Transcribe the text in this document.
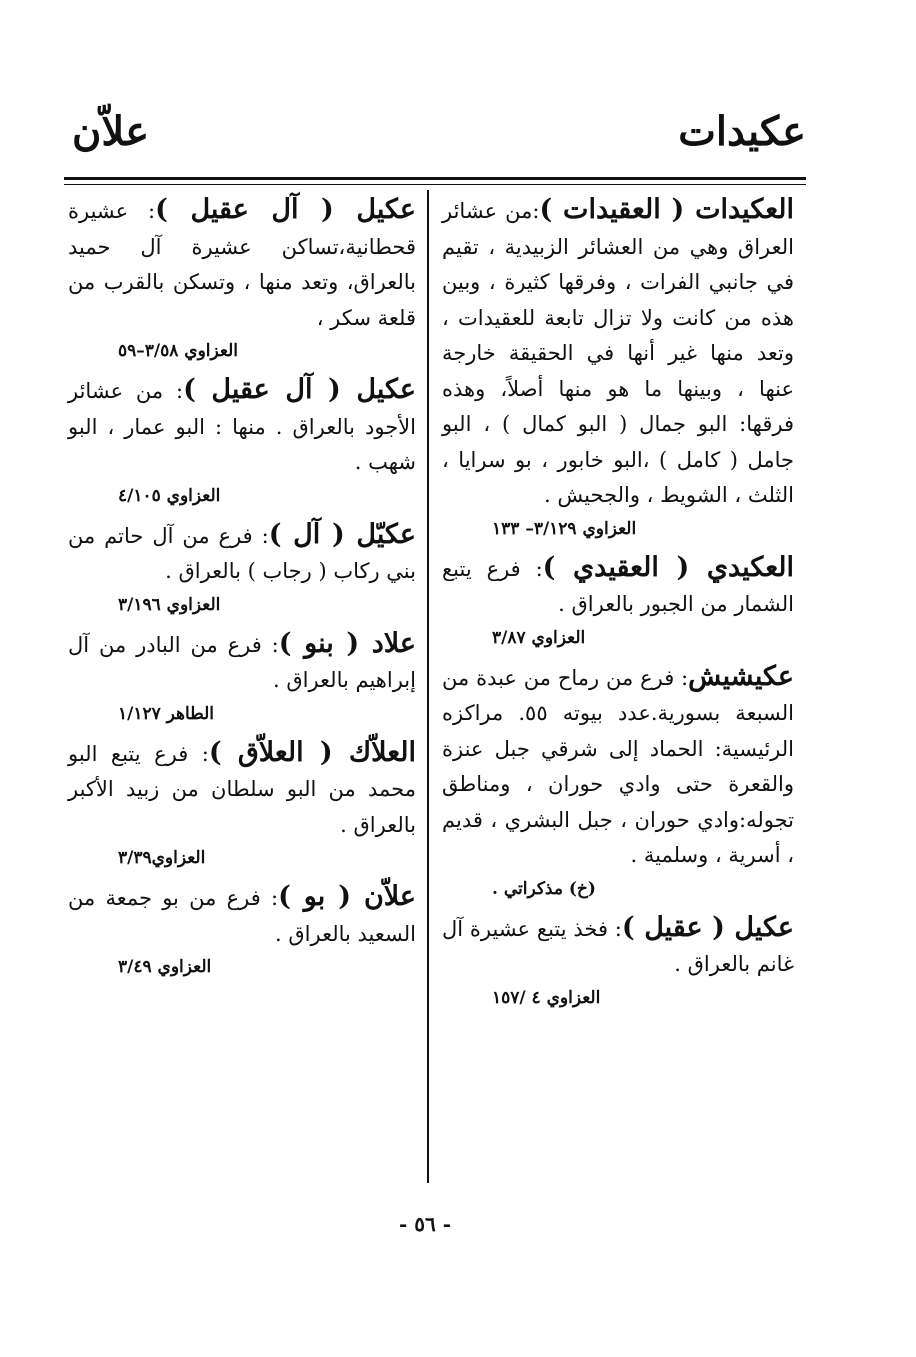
عكيدات
علاّن

العكيدات ( العقيدات ):من عشائر العراق وهي من العشائر الزبيدية ، تقيم في جانبي الفرات ، وفرقها كثيرة ، وبين هذه من كانت ولا تزال تابعة للعقيدات ، وتعد منها غير أنها في الحقيقة خارجة عنها ، وبينها ما هو منها أصلاً، وهذه فرقها: البو جمال ( البو كمال ) ، البو جامل ( كامل ) ،البو خابور ، بو سرايا ، الثلث ، الشويط ، والجحيش .

العزاوي ٣/١٢٩– ١٣٣

العكيدي ( العقيدي ): فرع يتبع الشمار من الجبور بالعراق .

العزاوي ٣/٨٧

عكيشيش: فرع من رماح من عبدة من السبعة بسورية.عدد بيوته ٥٥. مراكزه الرئيسية: الحماد إلى شرقي جبل عنزة والقعرة حتى وادي حوران ، ومناطق تجوله:وادي حوران ، جبل البشري ، قديم ، أسرية ، وسلمية .

(خ) مذكراتي .

عكيل ( عقيل ): فخذ يتبع عشيرة آل غانم بالعراق .

العزاوي ٤ /١٥٧

عكيل ( آل عقيل ): عشيرة قحطانية،تساكن عشيرة آل حميد بالعراق، وتعد منها ، وتسكن بالقرب من قلعة سكر ،

العزاوي ٣/٥٨–٥٩

عكيل ( آل عقيل ): من عشائر الأجود بالعراق . منها : البو عمار ، البو شهب .

العزاوي ٤/١٠٥

عكيّل ( آل ): فرع من آل حاتم من بني ركاب ( رجاب ) بالعراق .

العزاوي ٣/١٩٦

علاد ( بنو ): فرع من البادر من آل إبراهيم بالعراق .

الطاهر ١/١٢٧

العلاّك ( العلاّق ): فرع يتبع البو محمد من البو سلطان من زبيد الأكبر بالعراق .

العزاوي٣/٣٩

علاّن ( بو ): فرع من بو جمعة من السعيد بالعراق .

العزاوي ٣/٤٩
- ٥٦ -
